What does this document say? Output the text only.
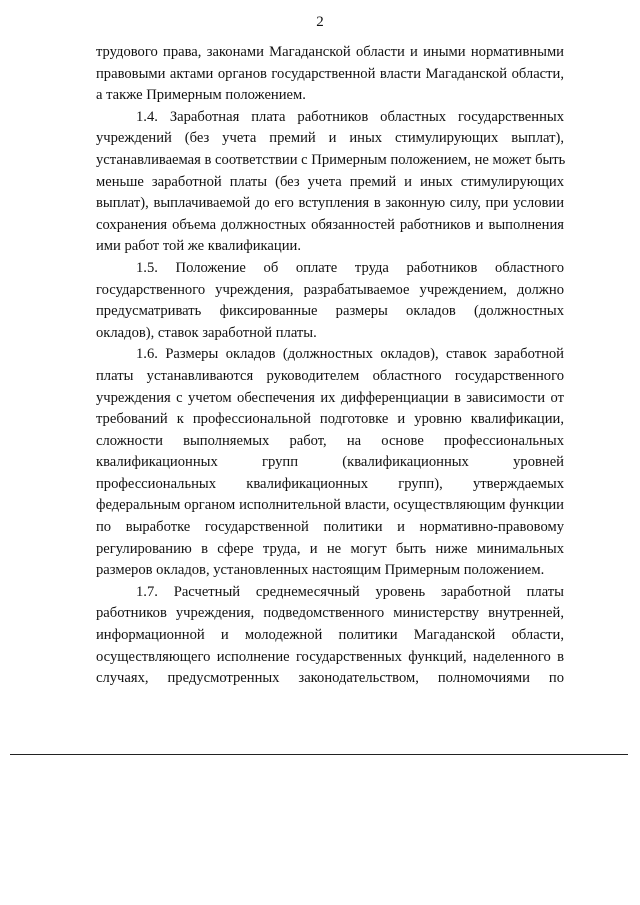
2
трудового права, законами Магаданской области и иными нормативными
правовыми актами органов государственной власти Магаданской области,
а также Примерным положением.
1.4. Заработная плата работников областных государственных
учреждений (без учета премий и иных стимулирующих выплат),
устанавливаемая в соответствии с Примерным положением, не может быть
меньше заработной платы (без учета премий и иных стимулирующих
выплат), выплачиваемой до его вступления в законную силу, при условии
сохранения объема должностных обязанностей работников и выполнения
ими работ той же квалификации.
1.5. Положение об оплате труда работников областного
государственного учреждения, разрабатываемое учреждением, должно
предусматривать фиксированные размеры окладов (должностных
окладов), ставок заработной платы.
1.6. Размеры окладов (должностных окладов), ставок заработной
платы устанавливаются руководителем областного государственного
учреждения с учетом обеспечения их дифференциации в зависимости от
требований к профессиональной подготовке и уровню квалификации,
сложности выполняемых работ, на основе профессиональных
квалификационных групп (квалификационных уровней
профессиональных квалификационных групп), утверждаемых
федеральным органом исполнительной власти, осуществляющим функции
по выработке государственной политики и нормативно-правовому
регулированию в сфере труда, и не могут быть ниже минимальных
размеров окладов, установленных настоящим Примерным положением.
1.7. Расчетный среднемесячный уровень заработной платы
работников учреждения, подведомственного министерству внутренней,
информационной и молодежной политики Магаданской области,
осуществляющего исполнение государственных функций, наделенного в
случаях, предусмотренных законодательством, полномочиями по
